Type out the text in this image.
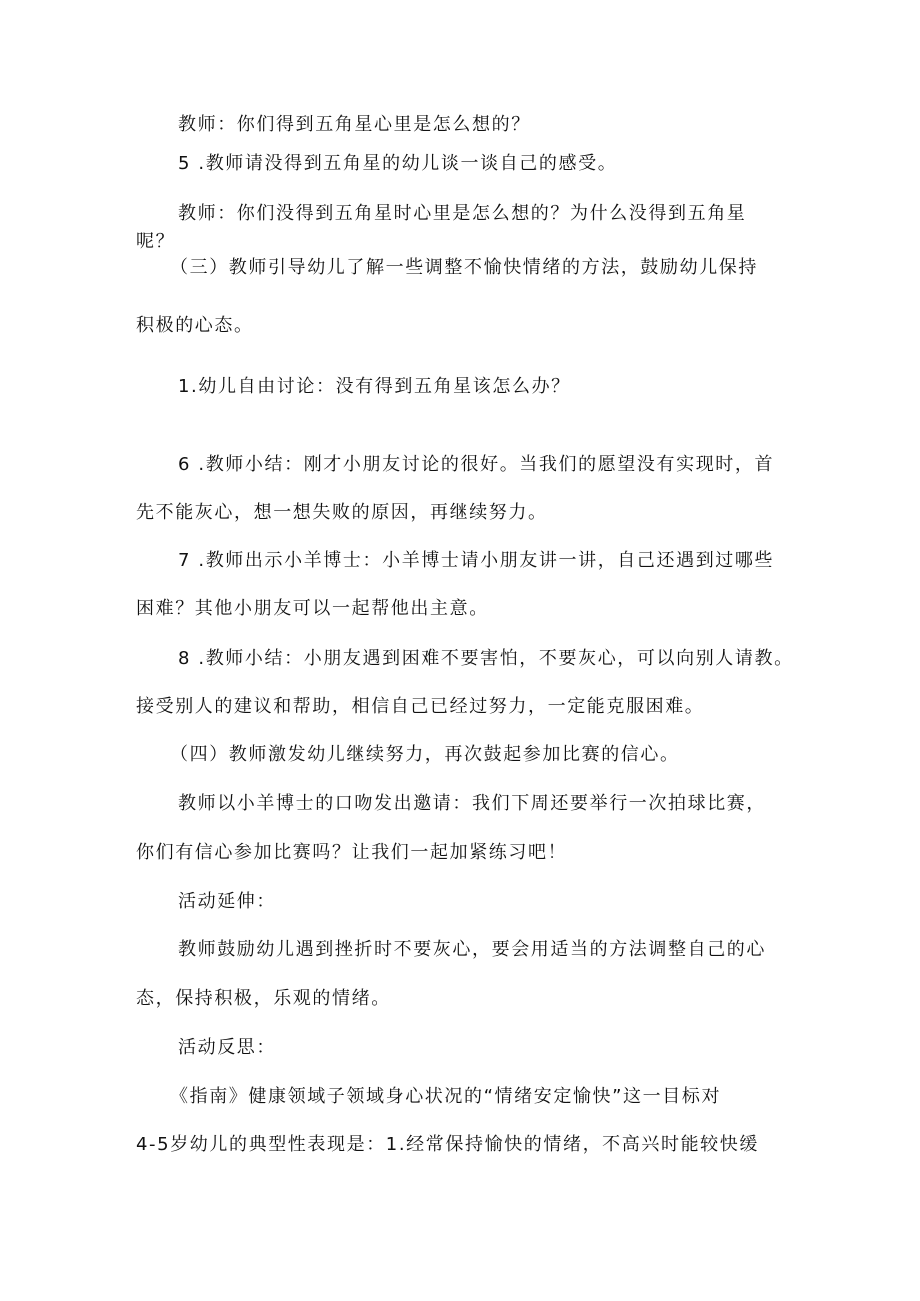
教师：你们得到五角星心里是怎么想的？
5 .教师请没得到五角星的幼儿谈一谈自己的感受。
教师：你们没得到五角星时心里是怎么想的？为什么没得到五角星
呢？
（三）教师引导幼儿了解一些调整不愉快情绪的方法，鼓励幼儿保持
积极的心态。
1.幼儿自由讨论：没有得到五角星该怎么办？
6 .教师小结：刚才小朋友讨论的很好。当我们的愿望没有实现时，首
先不能灰心，想一想失败的原因，再继续努力。
7 .教师出示小羊博士：小羊博士请小朋友讲一讲，自己还遇到过哪些
困难？其他小朋友可以一起帮他出主意。
8 .教师小结：小朋友遇到困难不要害怕，不要灰心，可以向别人请教。
接受别人的建议和帮助，相信自己已经过努力，一定能克服困难。
（四）教师激发幼儿继续努力，再次鼓起参加比赛的信心。
教师以小羊博士的口吻发出邀请：我们下周还要举行一次拍球比赛，
你们有信心参加比赛吗？让我们一起加紧练习吧！
活动延伸：
教师鼓励幼儿遇到挫折时不要灰心，要会用适当的方法调整自己的心
态，保持积极，乐观的情绪。
活动反思：
《指南》健康领域子领域身心状况的“情绪安定愉快”这一目标对
4-5岁幼儿的典型性表现是：1.经常保持愉快的情绪，不高兴时能较快缓
